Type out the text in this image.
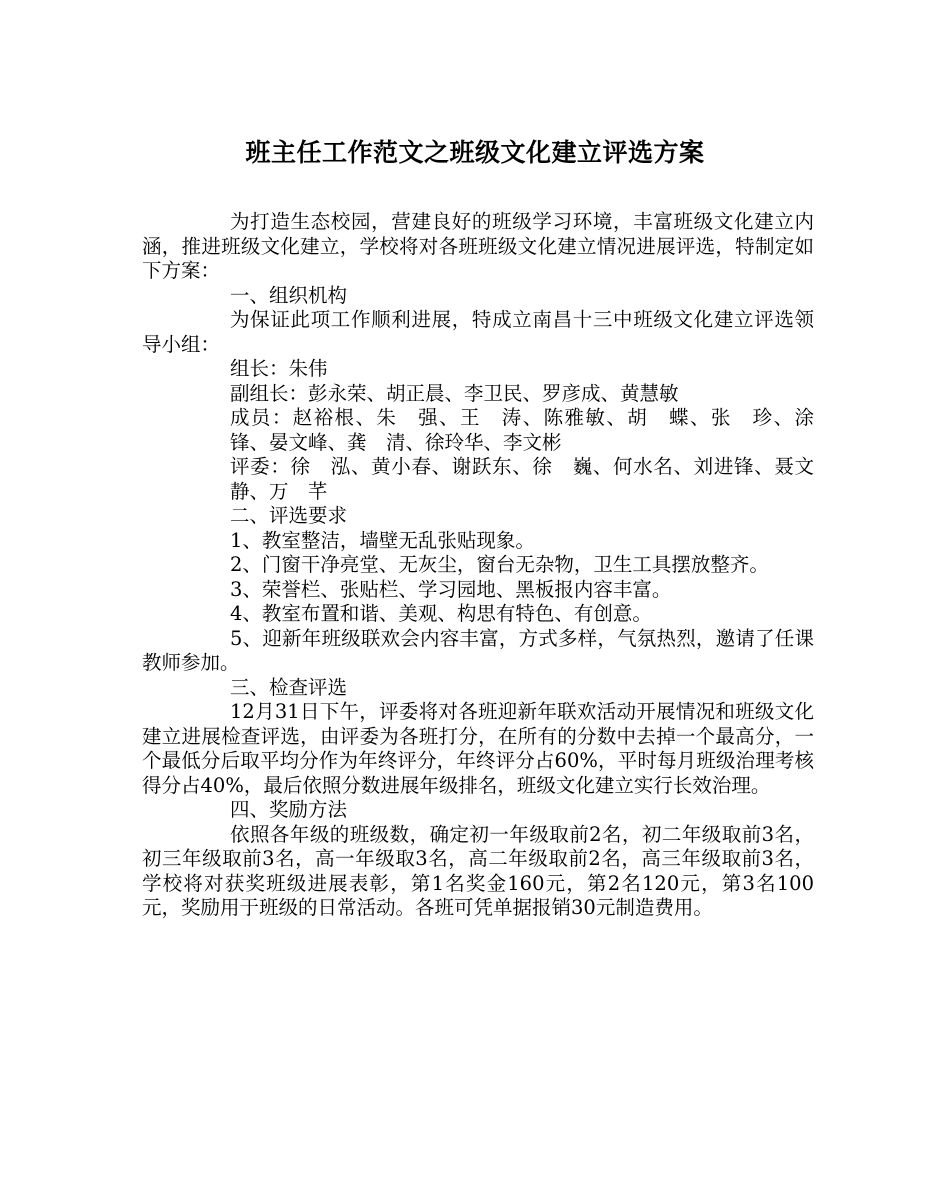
班主任工作范文之班级文化建立评选方案

为打造生态校园，营建良好的班级学习环境，丰富班级文化建立内涵，推进班级文化建立，学校将对各班班级文化建立情况进展评选，特制定如下方案：

一、组织机构

为保证此项工作顺利进展，特成立南昌十三中班级文化建立评选领导小组：

组长：朱伟

副组长：彭永荣、胡正晨、李卫民、罗彦成、黄慧敏

成员：赵裕根、朱　强、王　涛、陈雅敏、胡　蝶、张　珍、涂　锋、晏文峰、龚　清、徐玲华、李文彬

评委：徐　泓、黄小春、谢跃东、徐　巍、何水名、刘进锋、聂文静、万　芊

二、评选要求

1、教室整洁，墙壁无乱张贴现象。

2、门窗干净亮堂、无灰尘，窗台无杂物，卫生工具摆放整齐。

3、荣誉栏、张贴栏、学习园地、黑板报内容丰富。

4、教室布置和谐、美观、构思有特色、有创意。

5、迎新年班级联欢会内容丰富，方式多样，气氛热烈，邀请了任课教师参加。

三、检查评选

12月31日下午，评委将对各班迎新年联欢活动开展情况和班级文化建立进展检查评选，由评委为各班打分，在所有的分数中去掉一个最高分，一个最低分后取平均分作为年终评分，年终评分占60%，平时每月班级治理考核得分占40%，最后依照分数进展年级排名，班级文化建立实行长效治理。

四、奖励方法

依照各年级的班级数，确定初一年级取前2名，初二年级取前3名，初三年级取前3名，高一年级取3名，高二年级取前2名，高三年级取前3名，学校将对获奖班级进展表彰，第1名奖金160元，第2名120元，第3名100元，奖励用于班级的日常活动。各班可凭单据报销30元制造费用。
